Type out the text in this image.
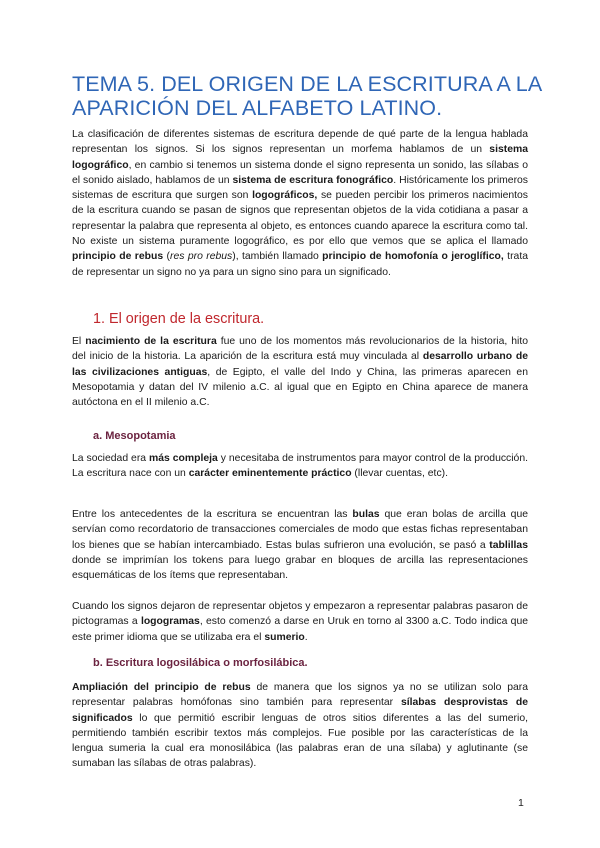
TEMA 5. DEL ORIGEN DE LA ESCRITURA A LA APARICIÓN DEL ALFABETO LATINO.

La clasificación de diferentes sistemas de escritura depende de qué parte de la lengua hablada representan los signos. Si los signos representan un morfema hablamos de un sistema logográfico, en cambio si tenemos un sistema donde el signo representa un sonido, las sílabas o el sonido aislado, hablamos de un sistema de escritura fonográfico. Históricamente los primeros sistemas de escritura que surgen son logográficos, se pueden percibir los primeros nacimientos de la escritura cuando se pasan de signos que representan objetos de la vida cotidiana a pasar a representar la palabra que representa al objeto, es entonces cuando aparece la escritura como tal. No existe un sistema puramente logográfico, es por ello que vemos que se aplica el llamado principio de rebus (res pro rebus), también llamado principio de homofonía o jeroglífico, trata de representar un signo no ya para un signo sino para un significado.

1. El origen de la escritura.

El nacimiento de la escritura fue uno de los momentos más revolucionarios de la historia, hito del inicio de la historia. La aparición de la escritura está muy vinculada al desarrollo urbano de las civilizaciones antiguas, de Egipto, el valle del Indo y China, las primeras aparecen en Mesopotamia y datan del IV milenio a.C. al igual que en Egipto en China aparece de manera autóctona en el II milenio a.C.

a. Mesopotamia

La sociedad era más compleja y necesitaba de instrumentos para mayor control de la producción. La escritura nace con un carácter eminentemente práctico (llevar cuentas, etc).

Entre los antecedentes de la escritura se encuentran las bulas que eran bolas de arcilla que servían como recordatorio de transacciones comerciales de modo que estas fichas representaban los bienes que se habían intercambiado. Estas bulas sufrieron una evolución, se pasó a tablillas donde se imprimían los tokens para luego grabar en bloques de arcilla las representaciones esquemáticas de los ítems que representaban.

Cuando los signos dejaron de representar objetos y empezaron a representar palabras pasaron de pictogramas a logogramas, esto comenzó a darse en Uruk en torno al 3300 a.C. Todo indica que este primer idioma que se utilizaba era el sumerio.

b. Escritura logosilábica o morfosilábica.

Ampliación del principio de rebus de manera que los signos ya no se utilizan solo para representar palabras homófonas sino también para representar sílabas desprovistas de significados lo que permitió escribir lenguas de otros sitios diferentes a las del sumerio, permitiendo también escribir textos más complejos. Fue posible por las características de la lengua sumeria la cual era monosilábica (las palabras eran de una sílaba) y aglutinante (se sumaban las sílabas de otras palabras).

1
